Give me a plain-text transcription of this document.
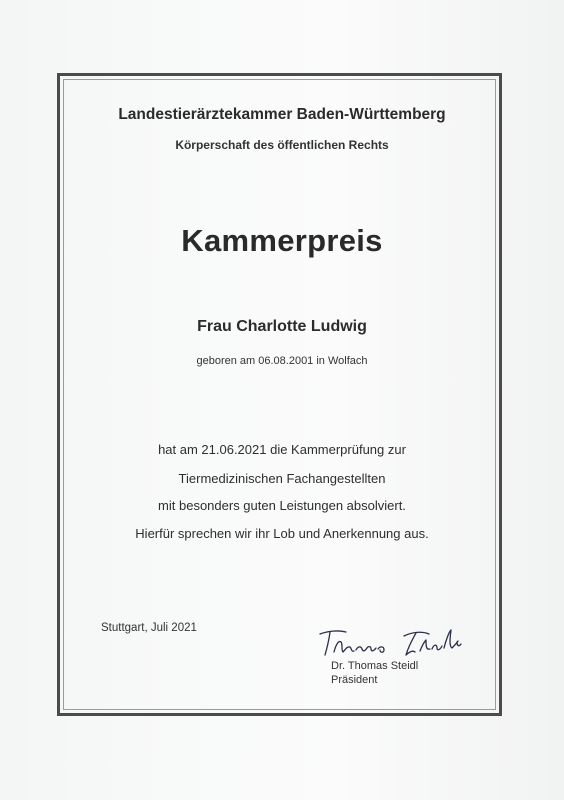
Landestierärztekammer Baden-Württemberg
Körperschaft des öffentlichen Rechts
Kammerpreis
Frau Charlotte Ludwig
geboren am 06.08.2001 in Wolfach
hat am 21.06.2021 die Kammerprüfung zur
Tiermedizinischen Fachangestellten
mit besonders guten Leistungen absolviert.
Hierfür sprechen wir ihr Lob und Anerkennung aus.
Stuttgart, Juli 2021
Dr. Thomas Steidl
Präsident
